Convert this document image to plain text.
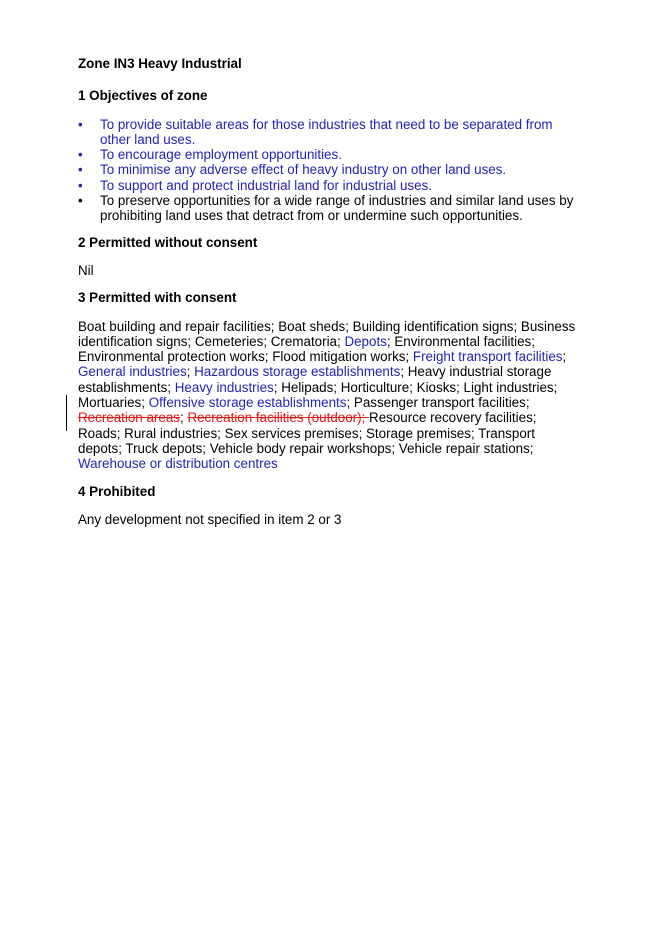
Zone IN3 Heavy Industrial
1 Objectives of zone
•	To provide suitable areas for those industries that need to be separated from other land uses.
•	To encourage employment opportunities.
•	To minimise any adverse effect of heavy industry on other land uses.
•	To support and protect industrial land for industrial uses.
•	To preserve opportunities for a wide range of industries and similar land uses by prohibiting land uses that detract from or undermine such opportunities.
2 Permitted without consent
Nil
3 Permitted with consent
Boat building and repair facilities; Boat sheds; Building identification signs; Business identification signs; Cemeteries; Crematoria; Depots; Environmental facilities; Environmental protection works; Flood mitigation works; Freight transport facilities; General industries; Hazardous storage establishments; Heavy industrial storage establishments; Heavy industries; Helipads; Horticulture; Kiosks; Light industries; Mortuaries; Offensive storage establishments; Passenger transport facilities; Recreation areas; Recreation facilities (outdoor); Resource recovery facilities; Roads; Rural industries; Sex services premises; Storage premises; Transport depots; Truck depots; Vehicle body repair workshops; Vehicle repair stations; Warehouse or distribution centres
4 Prohibited
Any development not specified in item 2 or 3
